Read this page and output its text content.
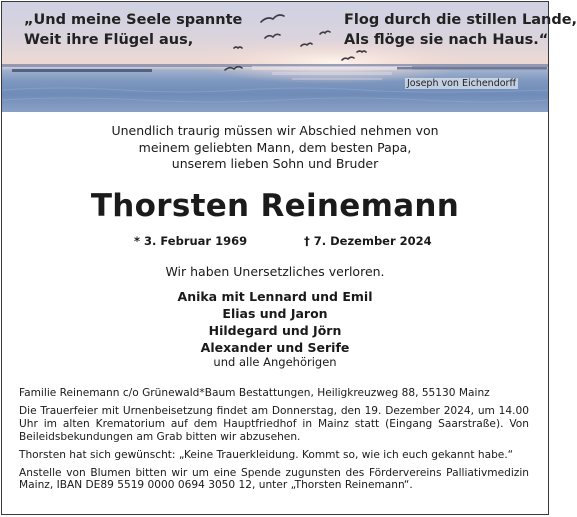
„Und meine Seele spannte
Weit ihre Flügel aus,
Flog durch die stillen Lande,
Als flöge sie nach Haus.“
Joseph von Eichendorff
Unendlich traurig müssen wir Abschied nehmen von
meinem geliebten Mann, dem besten Papa,
unserem lieben Sohn und Bruder
Thorsten Reinemann
* 3. Februar 1969	† 7. Dezember 2024
Wir haben Unersetzliches verloren.
Anika mit Lennard und Emil
Elias und Jaron
Hildegard und Jörn
Alexander und Serife
und alle Angehörigen

Familie Reinemann c/o Grünewald*Baum Bestattungen, Heiligkreuzweg 88, 55130 Mainz

Die Trauerfeier mit Urnenbeisetzung findet am Donnerstag, den 19. Dezember 2024, um 14.00 Uhr im alten Krematorium auf dem Hauptfriedhof in Mainz statt (Eingang Saarstraße). Von Beileidsbekundungen am Grab bitten wir abzusehen.

Thorsten hat sich gewünscht: „Keine Trauerkleidung. Kommt so, wie ich euch gekannt habe.“

Anstelle von Blumen bitten wir um eine Spende zugunsten des Fördervereins Palliativmedizin Mainz, IBAN DE89 5519 0000 0694 3050 12, unter „Thorsten Reinemann“.
